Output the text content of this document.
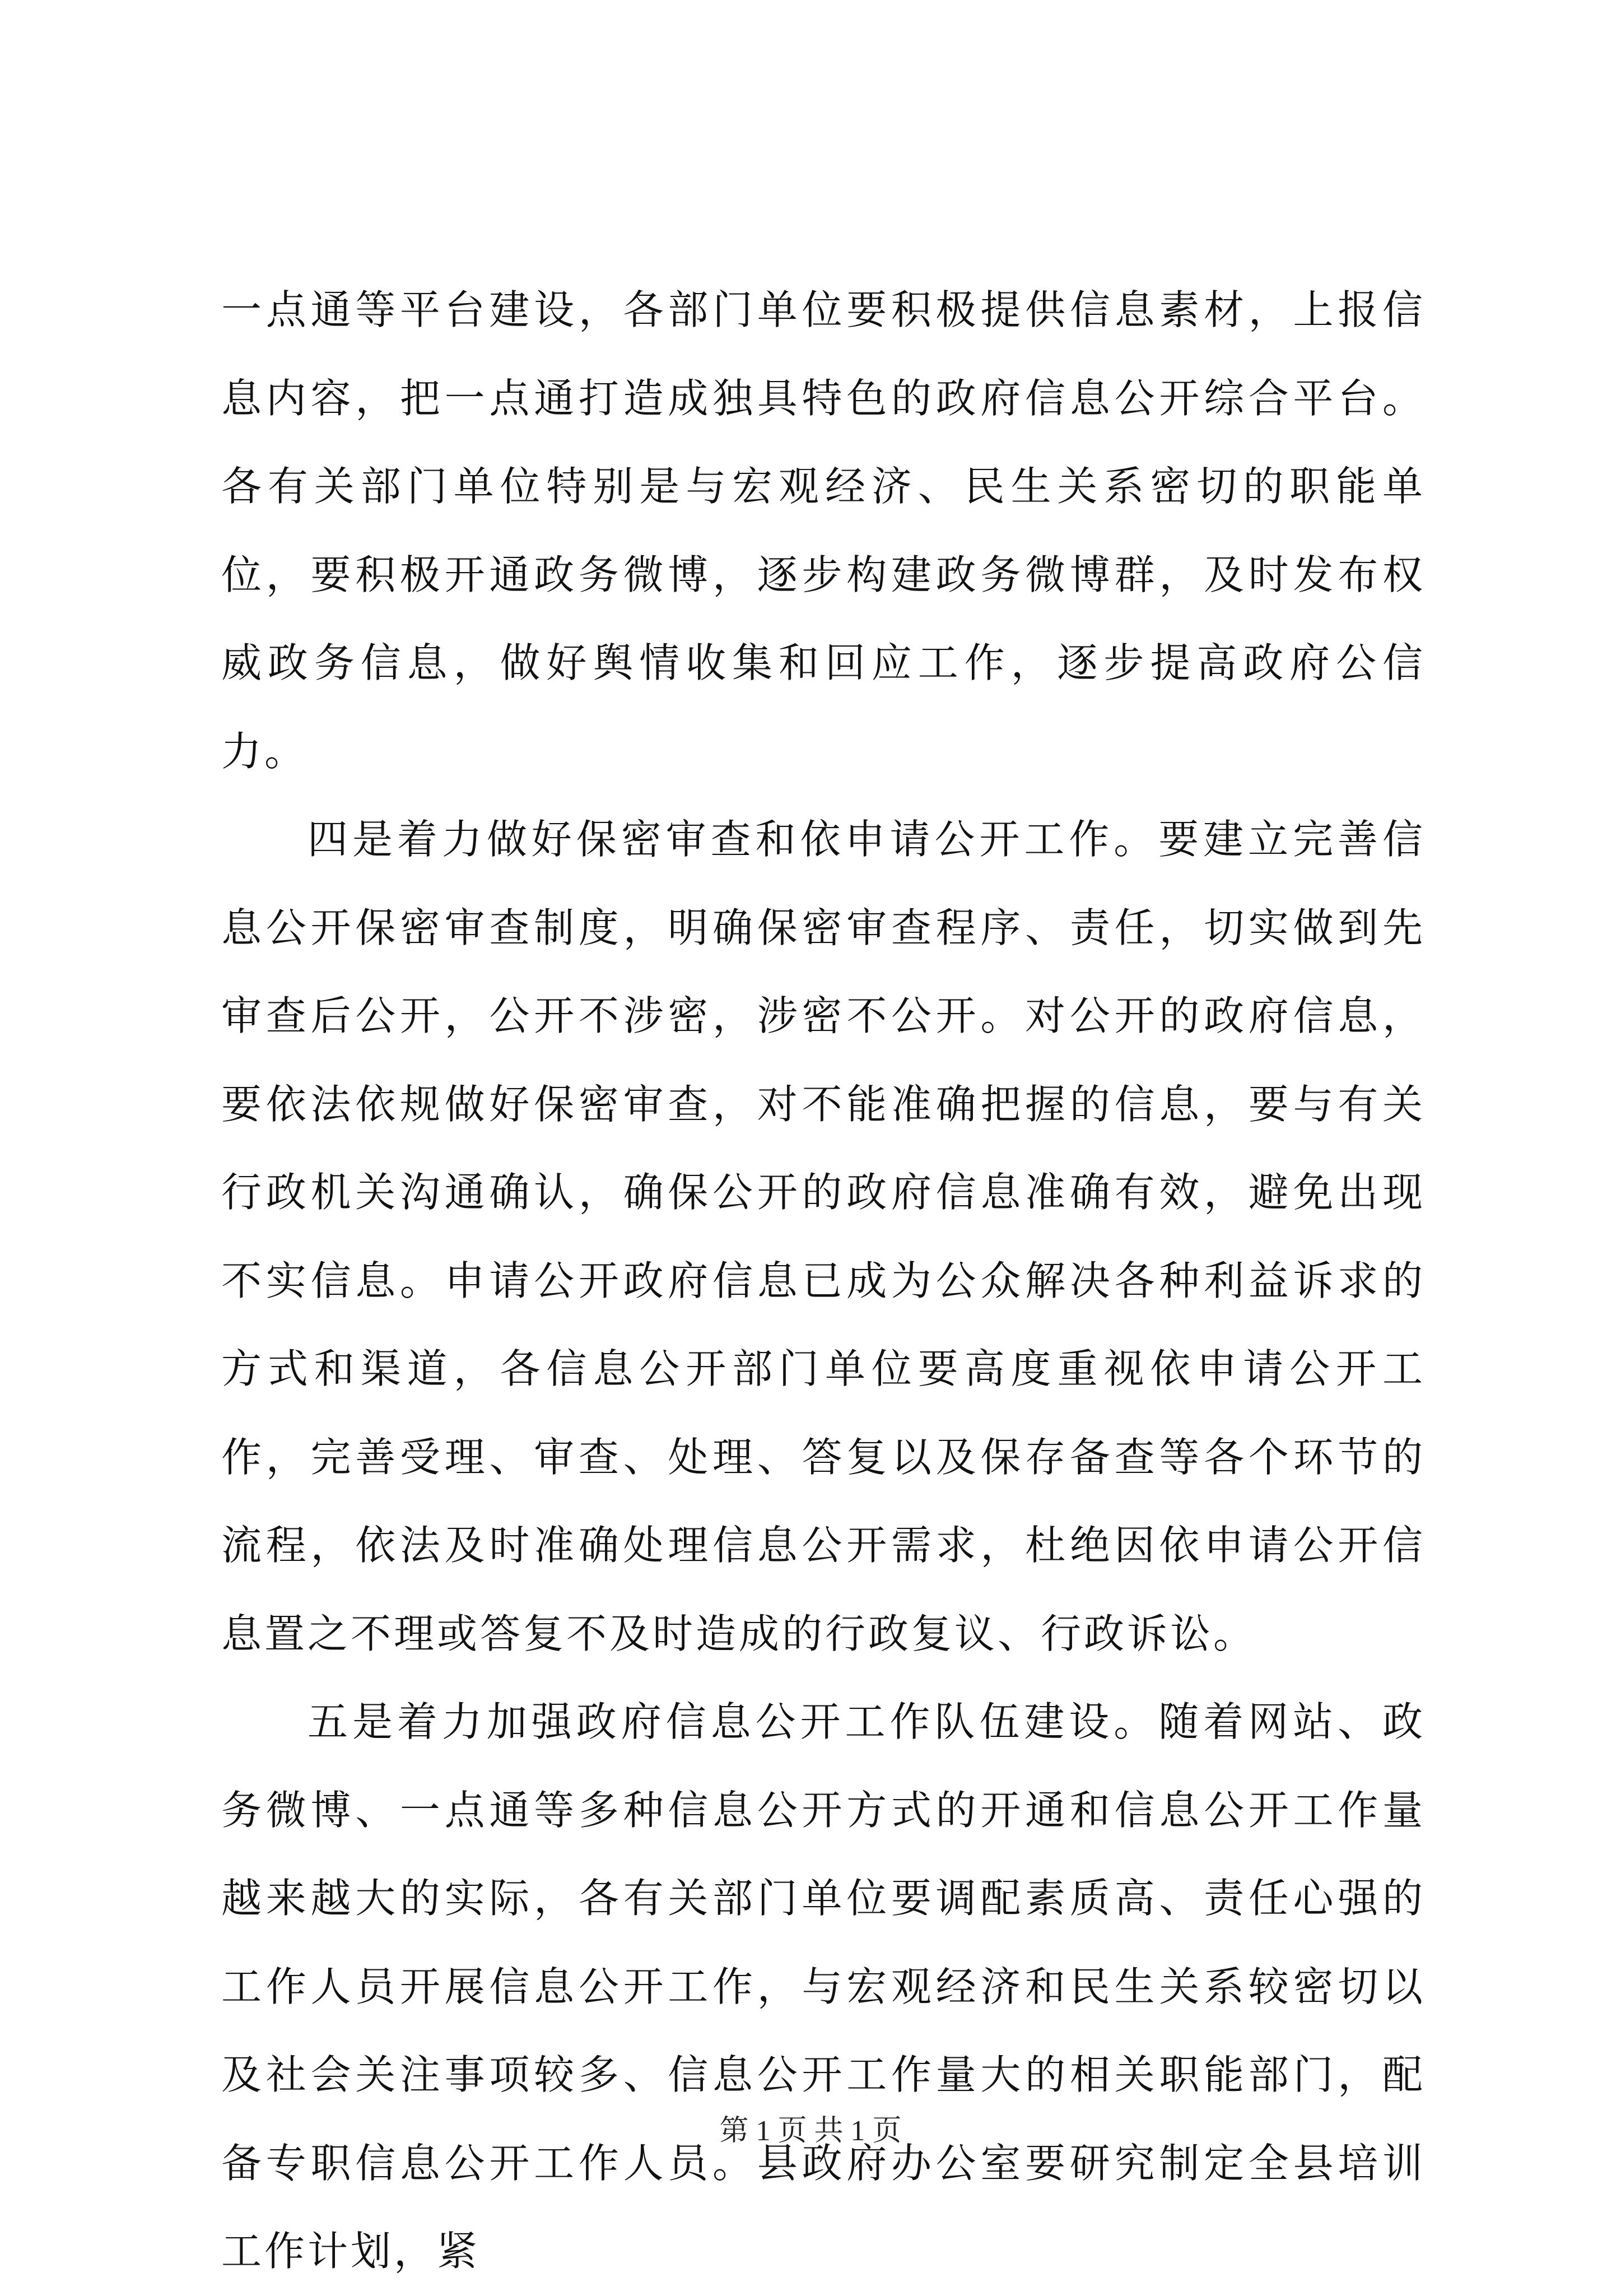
一点通等平台建设，各部门单位要积极提供信息素材，上报信息内容，把一点通打造成独具特色的政府信息公开综合平台。各有关部门单位特别是与宏观经济、民生关系密切的职能单位，要积极开通政务微博，逐步构建政务微博群，及时发布权威政务信息，做好舆情收集和回应工作，逐步提高政府公信力。

四是着力做好保密审查和依申请公开工作。要建立完善信息公开保密审查制度，明确保密审查程序、责任，切实做到先审查后公开，公开不涉密，涉密不公开。对公开的政府信息，要依法依规做好保密审查，对不能准确把握的信息，要与有关行政机关沟通确认，确保公开的政府信息准确有效，避免出现不实信息。申请公开政府信息已成为公众解决各种利益诉求的方式和渠道，各信息公开部门单位要高度重视依申请公开工作，完善受理、审查、处理、答复以及保存备查等各个环节的流程，依法及时准确处理信息公开需求，杜绝因依申请公开信息置之不理或答复不及时造成的行政复议、行政诉讼。

五是着力加强政府信息公开工作队伍建设。随着网站、政务微博、一点通等多种信息公开方式的开通和信息公开工作量越来越大的实际，各有关部门单位要调配素质高、责任心强的工作人员开展信息公开工作，与宏观经济和民生关系较密切以及社会关注事项较多、信息公开工作量大的相关职能部门，配备专职信息公开工作人员。县政府办公室要研究制定全县培训工作计划，紧

第 1 页 共 1 页
